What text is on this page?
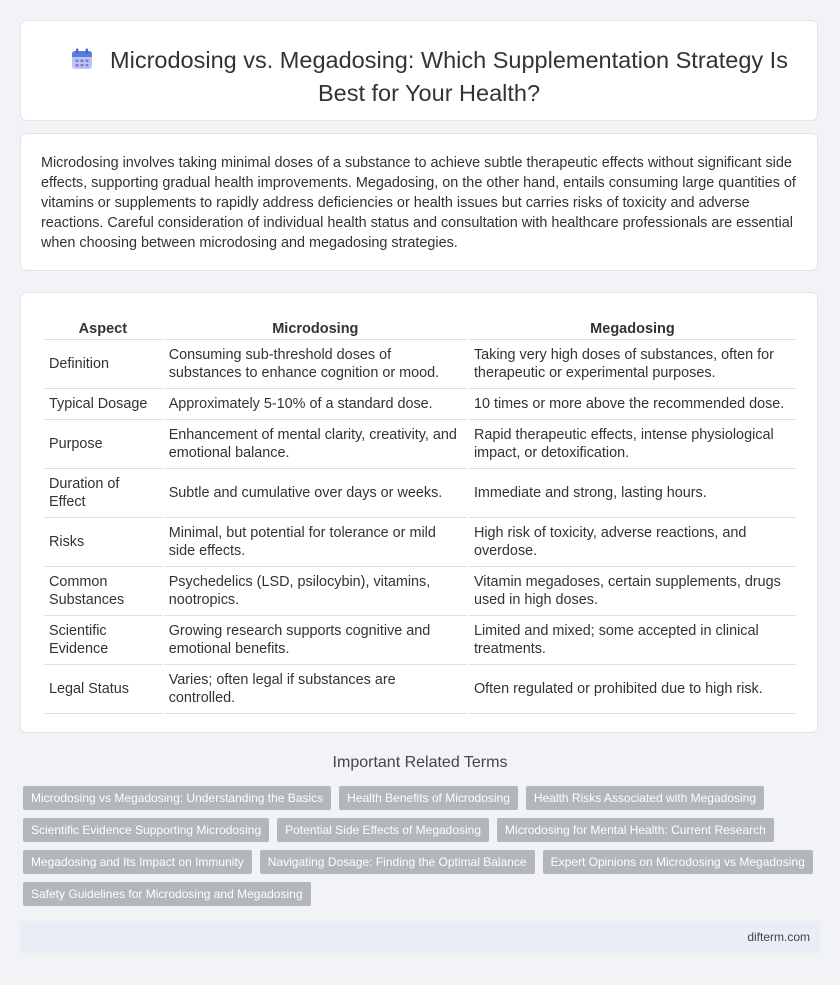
Microdosing vs. Megadosing: Which Supplementation Strategy Is Best for Your Health?

Microdosing involves taking minimal doses of a substance to achieve subtle therapeutic effects without significant side effects, supporting gradual health improvements. Megadosing, on the other hand, entails consuming large quantities of vitamins or supplements to rapidly address deficiencies or health issues but carries risks of toxicity and adverse reactions. Careful consideration of individual health status and consultation with healthcare professionals are essential when choosing between microdosing and megadosing strategies.

Aspect	Microdosing	Megadosing
Definition	Consuming sub-threshold doses of substances to enhance cognition or mood.	Taking very high doses of substances, often for therapeutic or experimental purposes.
Typical Dosage	Approximately 5-10% of a standard dose.	10 times or more above the recommended dose.
Purpose	Enhancement of mental clarity, creativity, and emotional balance.	Rapid therapeutic effects, intense physiological impact, or detoxification.
Duration of Effect	Subtle and cumulative over days or weeks.	Immediate and strong, lasting hours.
Risks	Minimal, but potential for tolerance or mild side effects.	High risk of toxicity, adverse reactions, and overdose.
Common Substances	Psychedelics (LSD, psilocybin), vitamins, nootropics.	Vitamin megadoses, certain supplements, drugs used in high doses.
Scientific Evidence	Growing research supports cognitive and emotional benefits.	Limited and mixed; some accepted in clinical treatments.
Legal Status	Varies; often legal if substances are controlled.	Often regulated or prohibited due to high risk.
Important Related Terms
Microdosing vs Megadosing: Understanding the Basics	Health Benefits of Microdosing	Health Risks Associated with Megadosing
Scientific Evidence Supporting Microdosing	Potential Side Effects of Megadosing	Microdosing for Mental Health: Current Research
Megadosing and Its Impact on Immunity	Navigating Dosage: Finding the Optimal Balance	Expert Opinions on Microdosing vs Megadosing
Safety Guidelines for Microdosing and Megadosing
difterm.com
